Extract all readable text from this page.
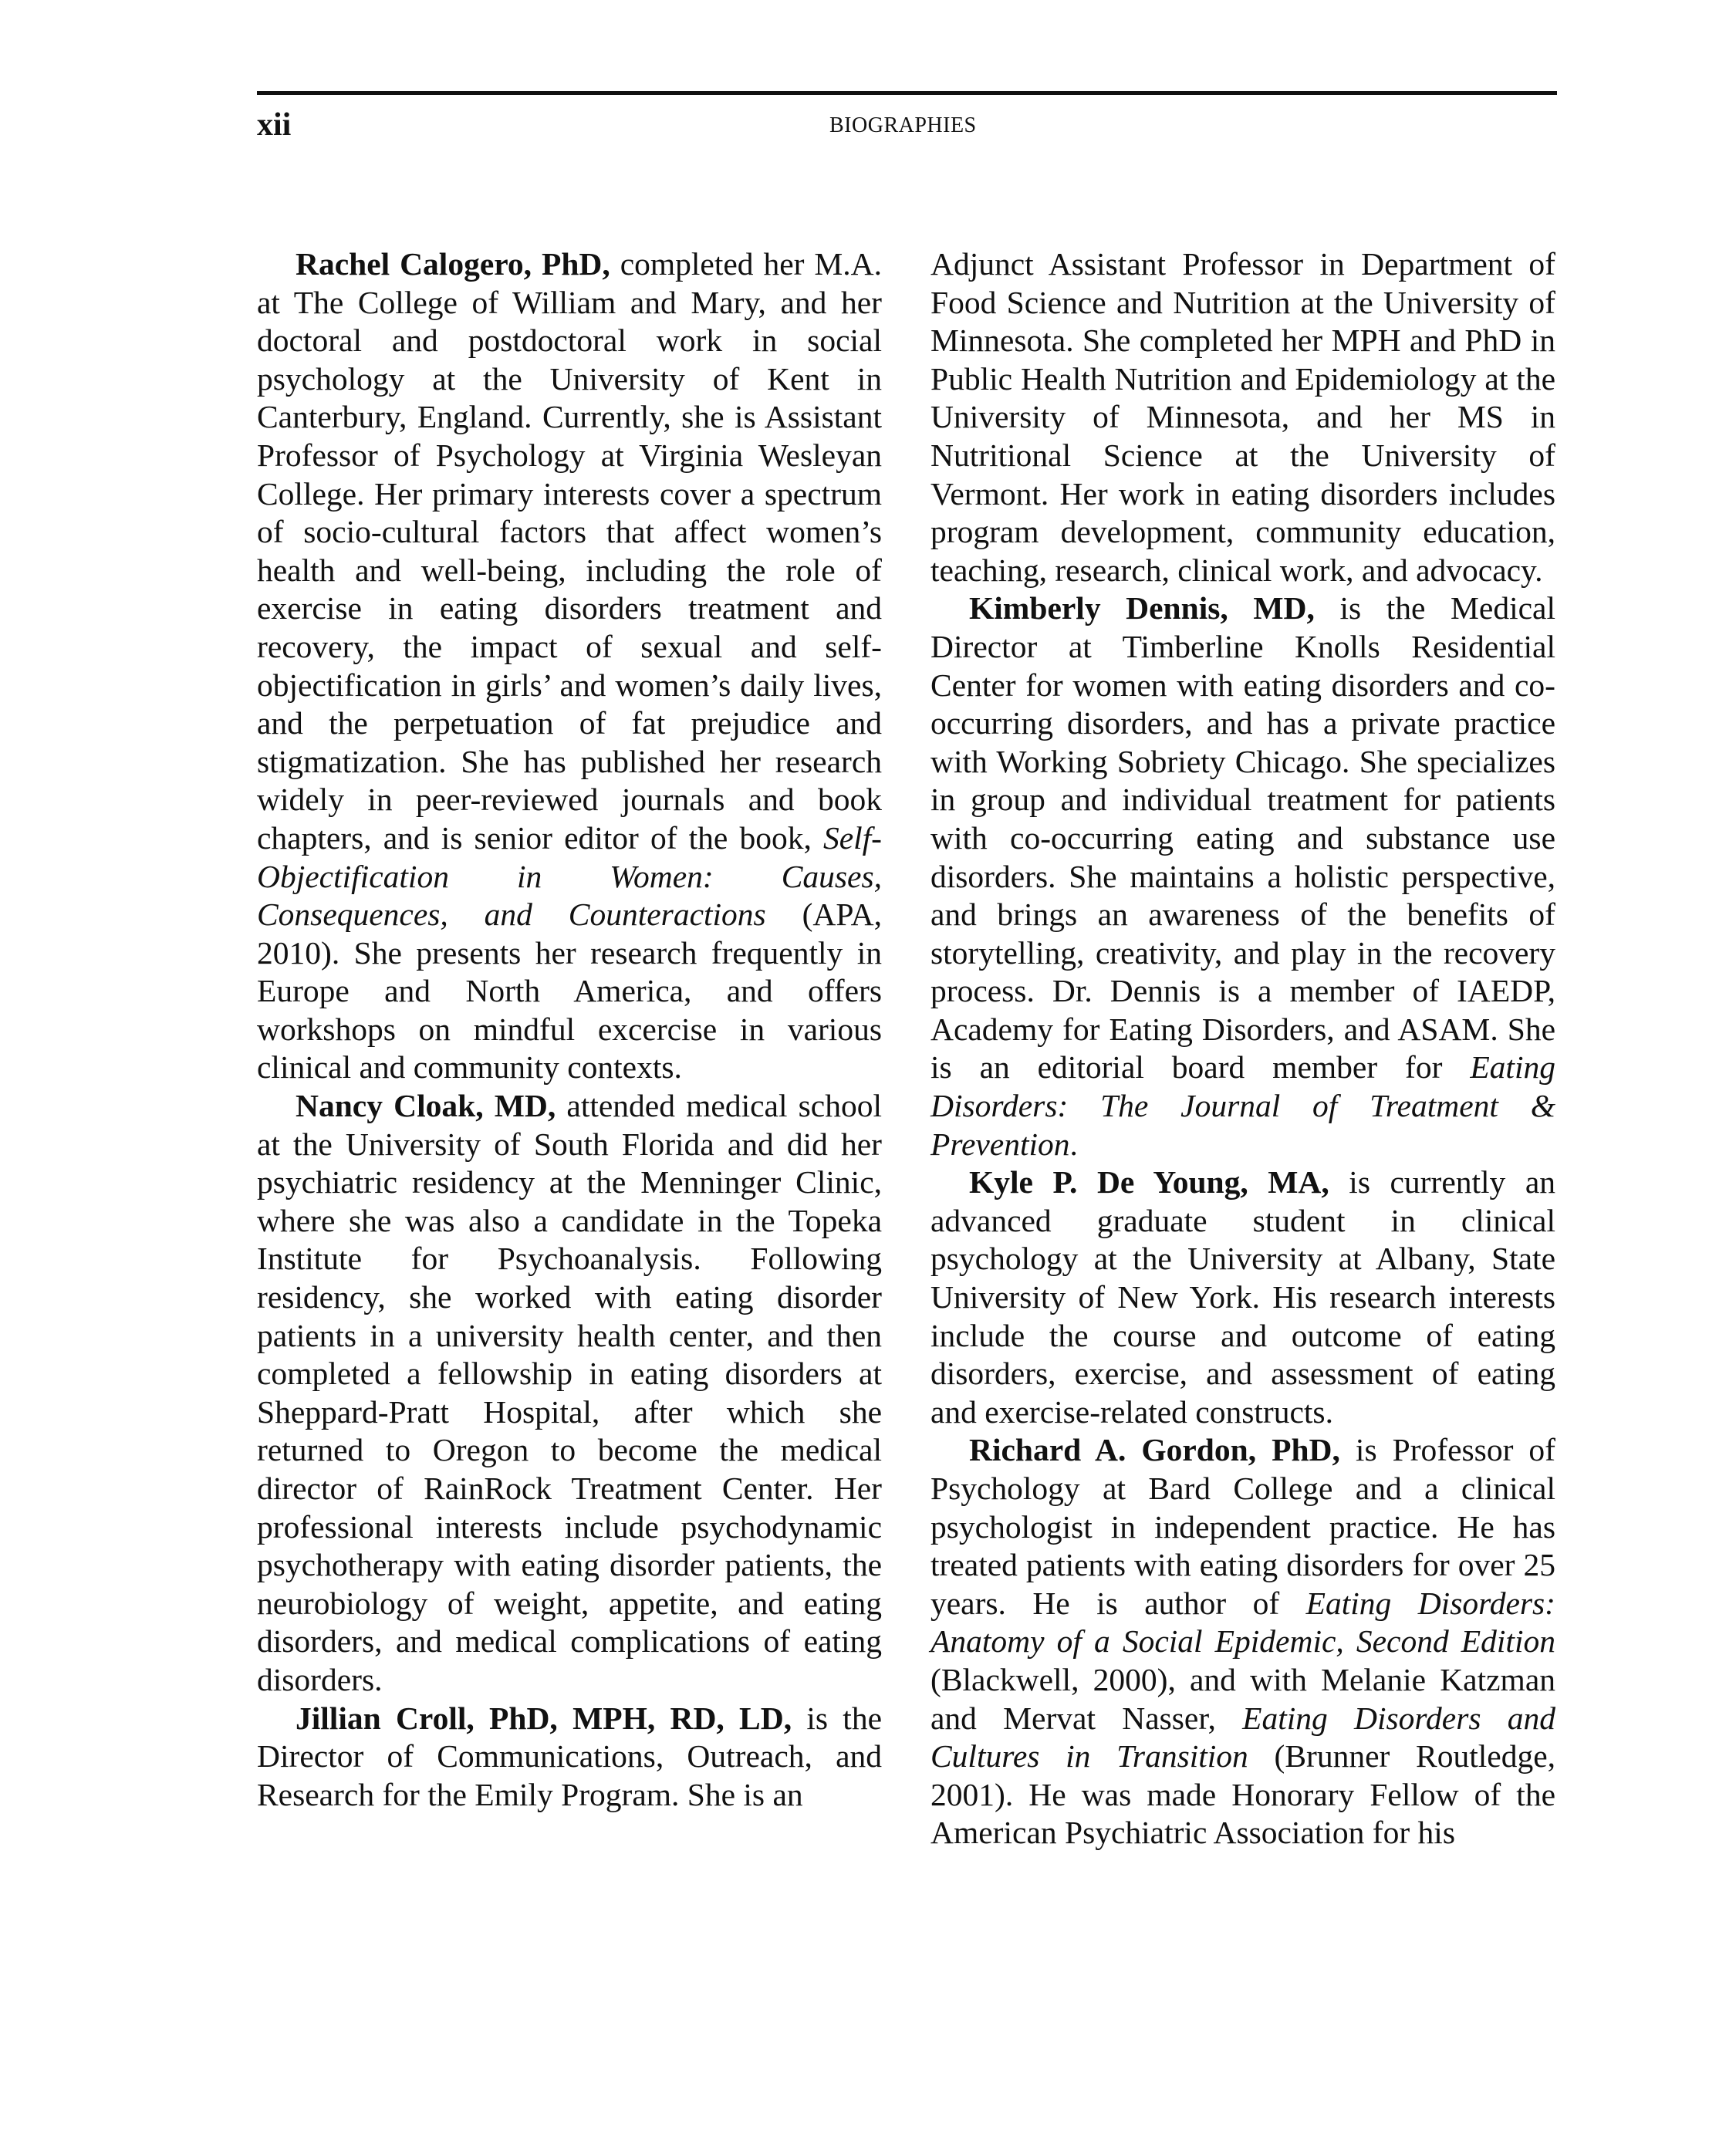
xii	BIOGRAPHIES

Rachel Calogero, PhD, completed her M.A. at The College of William and Mary, and her doctoral and postdoctoral work in social psychology at the University of Kent in Canterbury, England. Currently, she is Assistant Professor of Psychology at Virginia Wesleyan College. Her primary interests cover a spectrum of socio-cultural factors that affect women’s health and well-being, including the role of exercise in eating disorders treatment and recovery, the impact of sexual and self-objectification in girls’ and women’s daily lives, and the perpetuation of fat prejudice and stigmatization. She has published her research widely in peer-reviewed journals and book chapters, and is senior editor of the book, Self-Objectification in Women: Causes, Consequences, and Counteractions (APA, 2010). She presents her research frequently in Europe and North America, and offers workshops on mindful excercise in various clinical and community contexts.

Nancy Cloak, MD, attended medical school at the University of South Florida and did her psychiatric residency at the Menninger Clinic, where she was also a candidate in the Topeka Institute for Psychoanalysis. Following residency, she worked with eating disorder patients in a university health center, and then completed a fellowship in eating disorders at Sheppard-Pratt Hospital, after which she returned to Oregon to become the medical director of RainRock Treatment Center. Her professional interests include psychodynamic psychotherapy with eating disorder patients, the neurobiology of weight, appetite, and eating disorders, and medical complications of eating disorders.

Jillian Croll, PhD, MPH, RD, LD, is the Director of Communications, Outreach, and Research for the Emily Program. She is an

Adjunct Assistant Professor in Department of Food Science and Nutrition at the University of Minnesota. She completed her MPH and PhD in Public Health Nutrition and Epidemiology at the University of Minnesota, and her MS in Nutritional Science at the University of Vermont. Her work in eating disorders includes program development, community education, teaching, research, clinical work, and advocacy.

Kimberly Dennis, MD, is the Medical Director at Timberline Knolls Residential Center for women with eating disorders and co-occurring disorders, and has a private practice with Working Sobriety Chicago. She specializes in group and individual treatment for patients with co-occurring eating and substance use disorders. She maintains a holistic perspective, and brings an awareness of the benefits of storytelling, creativity, and play in the recovery process. Dr. Dennis is a member of IAEDP, Academy for Eating Disorders, and ASAM. She is an editorial board member for Eating Disorders: The Journal of Treatment & Prevention.

Kyle P. De Young, MA, is currently an advanced graduate student in clinical psychology at the University at Albany, State University of New York. His research interests include the course and outcome of eating disorders, exercise, and assessment of eating and exercise-related constructs.

Richard A. Gordon, PhD, is Professor of Psychology at Bard College and a clinical psychologist in independent practice. He has treated patients with eating disorders for over 25 years. He is author of Eating Disorders: Anatomy of a Social Epidemic, Second Edition (Blackwell, 2000), and with Melanie Katzman and Mervat Nasser, Eating Disorders and Cultures in Transition (Brunner Routledge, 2001). He was made Honorary Fellow of the American Psychiatric Association for his
